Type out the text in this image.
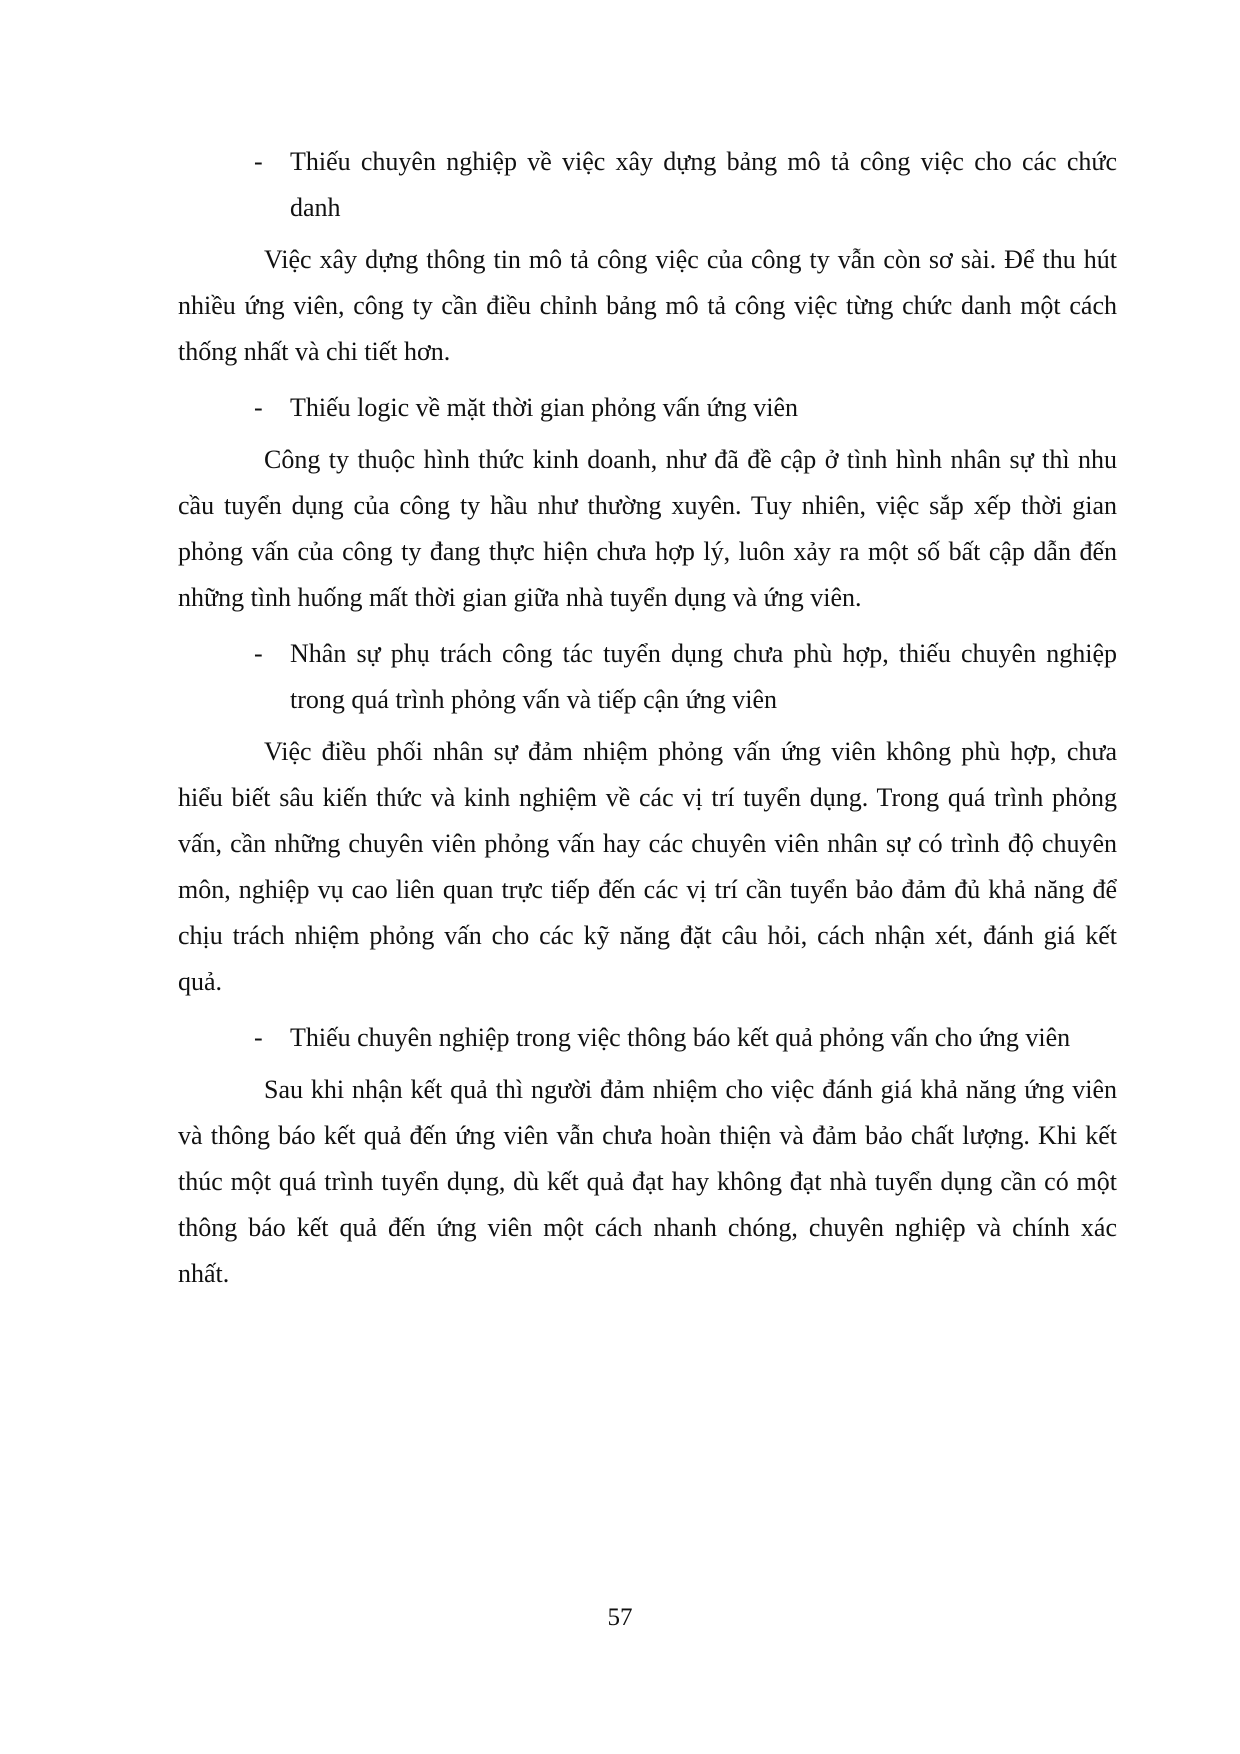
- Thiếu chuyên nghiệp về việc xây dựng bảng mô tả công việc cho các chức
danh
Việc xây dựng thông tin mô tả công việc của công ty vẫn còn sơ sài. Để thu hút
nhiều ứng viên, công ty cần điều chỉnh bảng mô tả công việc từng chức danh một cách
thống nhất và chi tiết hơn.
- Thiếu logic về mặt thời gian phỏng vấn ứng viên
Công ty thuộc hình thức kinh doanh, như đã đề cập ở tình hình nhân sự thì nhu
cầu tuyển dụng của công ty hầu như thường xuyên. Tuy nhiên, việc sắp xếp thời gian
phỏng vấn của công ty đang thực hiện chưa hợp lý, luôn xảy ra một số bất cập dẫn đến
những tình huống mất thời gian giữa nhà tuyển dụng và ứng viên.
- Nhân sự phụ trách công tác tuyển dụng chưa phù hợp, thiếu chuyên nghiệp
trong quá trình phỏng vấn và tiếp cận ứng viên
Việc điều phối nhân sự đảm nhiệm phỏng vấn ứng viên không phù hợp, chưa
hiểu biết sâu kiến thức và kinh nghiệm về các vị trí tuyển dụng. Trong quá trình phỏng
vấn, cần những chuyên viên phỏng vấn hay các chuyên viên nhân sự có trình độ chuyên
môn, nghiệp vụ cao liên quan trực tiếp đến các vị trí cần tuyển bảo đảm đủ khả năng để
chịu trách nhiệm phỏng vấn cho các kỹ năng đặt câu hỏi, cách nhận xét, đánh giá kết
quả.
- Thiếu chuyên nghiệp trong việc thông báo kết quả phỏng vấn cho ứng viên
Sau khi nhận kết quả thì người đảm nhiệm cho việc đánh giá khả năng ứng viên
và thông báo kết quả đến ứng viên vẫn chưa hoàn thiện và đảm bảo chất lượng. Khi kết
thúc một quá trình tuyển dụng, dù kết quả đạt hay không đạt nhà tuyển dụng cần có một
thông báo kết quả đến ứng viên một cách nhanh chóng, chuyên nghiệp và chính xác
nhất.
57
